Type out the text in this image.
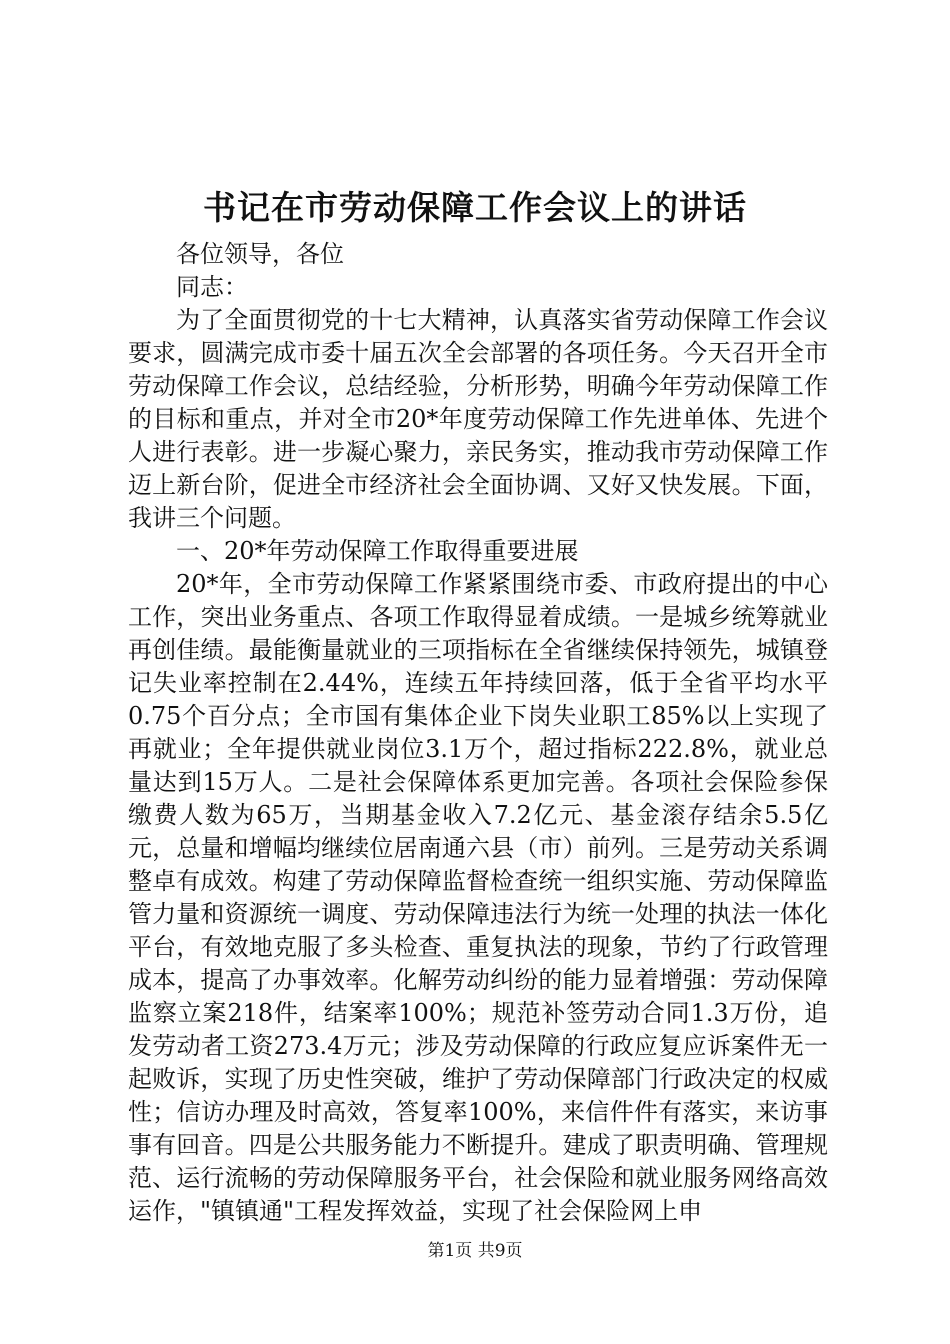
书记在市劳动保障工作会议上的讲话

各位领导，各位

同志：

为了全面贯彻党的十七大精神，认真落实省劳动保障工作会议要求，圆满完成市委十届五次全会部署的各项任务。今天召开全市劳动保障工作会议，总结经验，分析形势，明确今年劳动保障工作的目标和重点，并对全市20*年度劳动保障工作先进单体、先进个人进行表彰。进一步凝心聚力，亲民务实，推动我市劳动保障工作迈上新台阶，促进全市经济社会全面协调、又好又快发展。下面，我讲三个问题。

一、20*年劳动保障工作取得重要进展

20*年，全市劳动保障工作紧紧围绕市委、市政府提出的中心工作，突出业务重点、各项工作取得显着成绩。一是城乡统筹就业再创佳绩。最能衡量就业的三项指标在全省继续保持领先，城镇登记失业率控制在2.44%，连续五年持续回落，低于全省平均水平0.75个百分点；全市国有集体企业下岗失业职工85%以上实现了再就业；全年提供就业岗位3.1万个，超过指标222.8%，就业总量达到15万人。二是社会保障体系更加完善。各项社会保险参保缴费人数为65万，当期基金收入7.2亿元、基金滚存结余5.5亿元，总量和增幅均继续位居南通六县（市）前列。三是劳动关系调整卓有成效。构建了劳动保障监督检查统一组织实施、劳动保障监管力量和资源统一调度、劳动保障违法行为统一处理的执法一体化平台，有效地克服了多头检查、重复执法的现象，节约了行政管理成本，提高了办事效率。化解劳动纠纷的能力显着增强：劳动保障监察立案218件，结案率100%；规范补签劳动合同1.3万份，追发劳动者工资273.4万元；涉及劳动保障的行政应复应诉案件无一起败诉，实现了历史性突破，维护了劳动保障部门行政决定的权威性；信访办理及时高效，答复率100%，来信件件有落实，来访事事有回音。四是公共服务能力不断提升。建成了职责明确、管理规范、运行流畅的劳动保障服务平台，社会保险和就业服务网络高效运作，"镇镇通"工程发挥效益，实现了社会保险网上申

第1页 共9页
